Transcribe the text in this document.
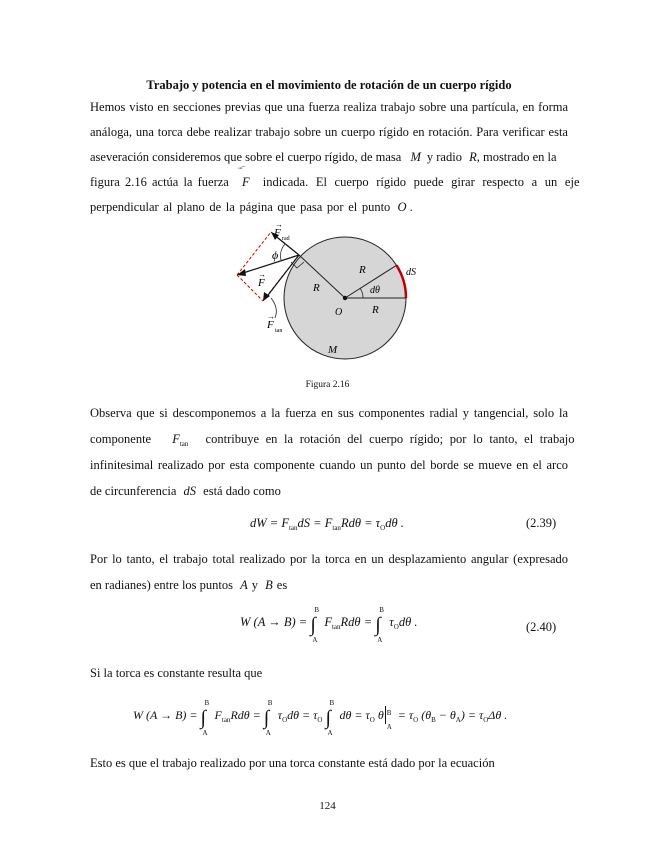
Trabajo y potencia en el movimiento de rotación de un cuerpo rígido
Hemos visto en secciones previas que una fuerza realiza trabajo sobre una partícula, en forma
análoga, una torca debe realizar trabajo sobre un cuerpo rígido en rotación. Para verificar esta
aseveración consideremos que sobre el cuerpo rígido, de masa M y radio R, mostrado en la
figura 2.16 actúa la fuerza F
⃗‾
indicada. El cuerpo rígido puede girar respecto a un eje
perpendicular al plano de la página que pasa por el punto O .
F
→
rad
ϕ
F
→
F
→
tan
R
R
R
dθ
dS
O
M
Figura 2.16
Observa que si descomponemos a la fuerza en sus componentes radial y tangencial, solo la
componente $F_{tan}$ contribuye en la rotación del cuerpo rígido; por lo tanto, el trabajo
infinitesimal realizado por esta componente cuando un punto del borde se mueve en el arco
de circunferencia dS está dado como
dW = $F_{tan}dS = F_{tan}Rd\theta = \tau_Od\theta$ .	(2.39)
Por lo tanto, el trabajo total realizado por la torca en un desplazamiento angular (expresado
en radianes) entre los puntos A y B es
W (A → B) = ∫
B
A
$F_{tan}Rd\theta$ = ∫
B
A
$\tau_Od\theta$ .	(2.40)
Si la torca es constante resulta que
W (A → B) = ∫
B
A
$F_{tan}Rd\theta$ = ∫
B
A
$\tau_Od\theta = \tau_O$ ∫
B
A
$d\theta = \tau_O$ θ B
A
= $\tau_O$ $(\theta_B - \theta_A) = \tau_O\Delta\theta$ .
Esto es que el trabajo realizado por una torca constante está dado por la ecuación
124
